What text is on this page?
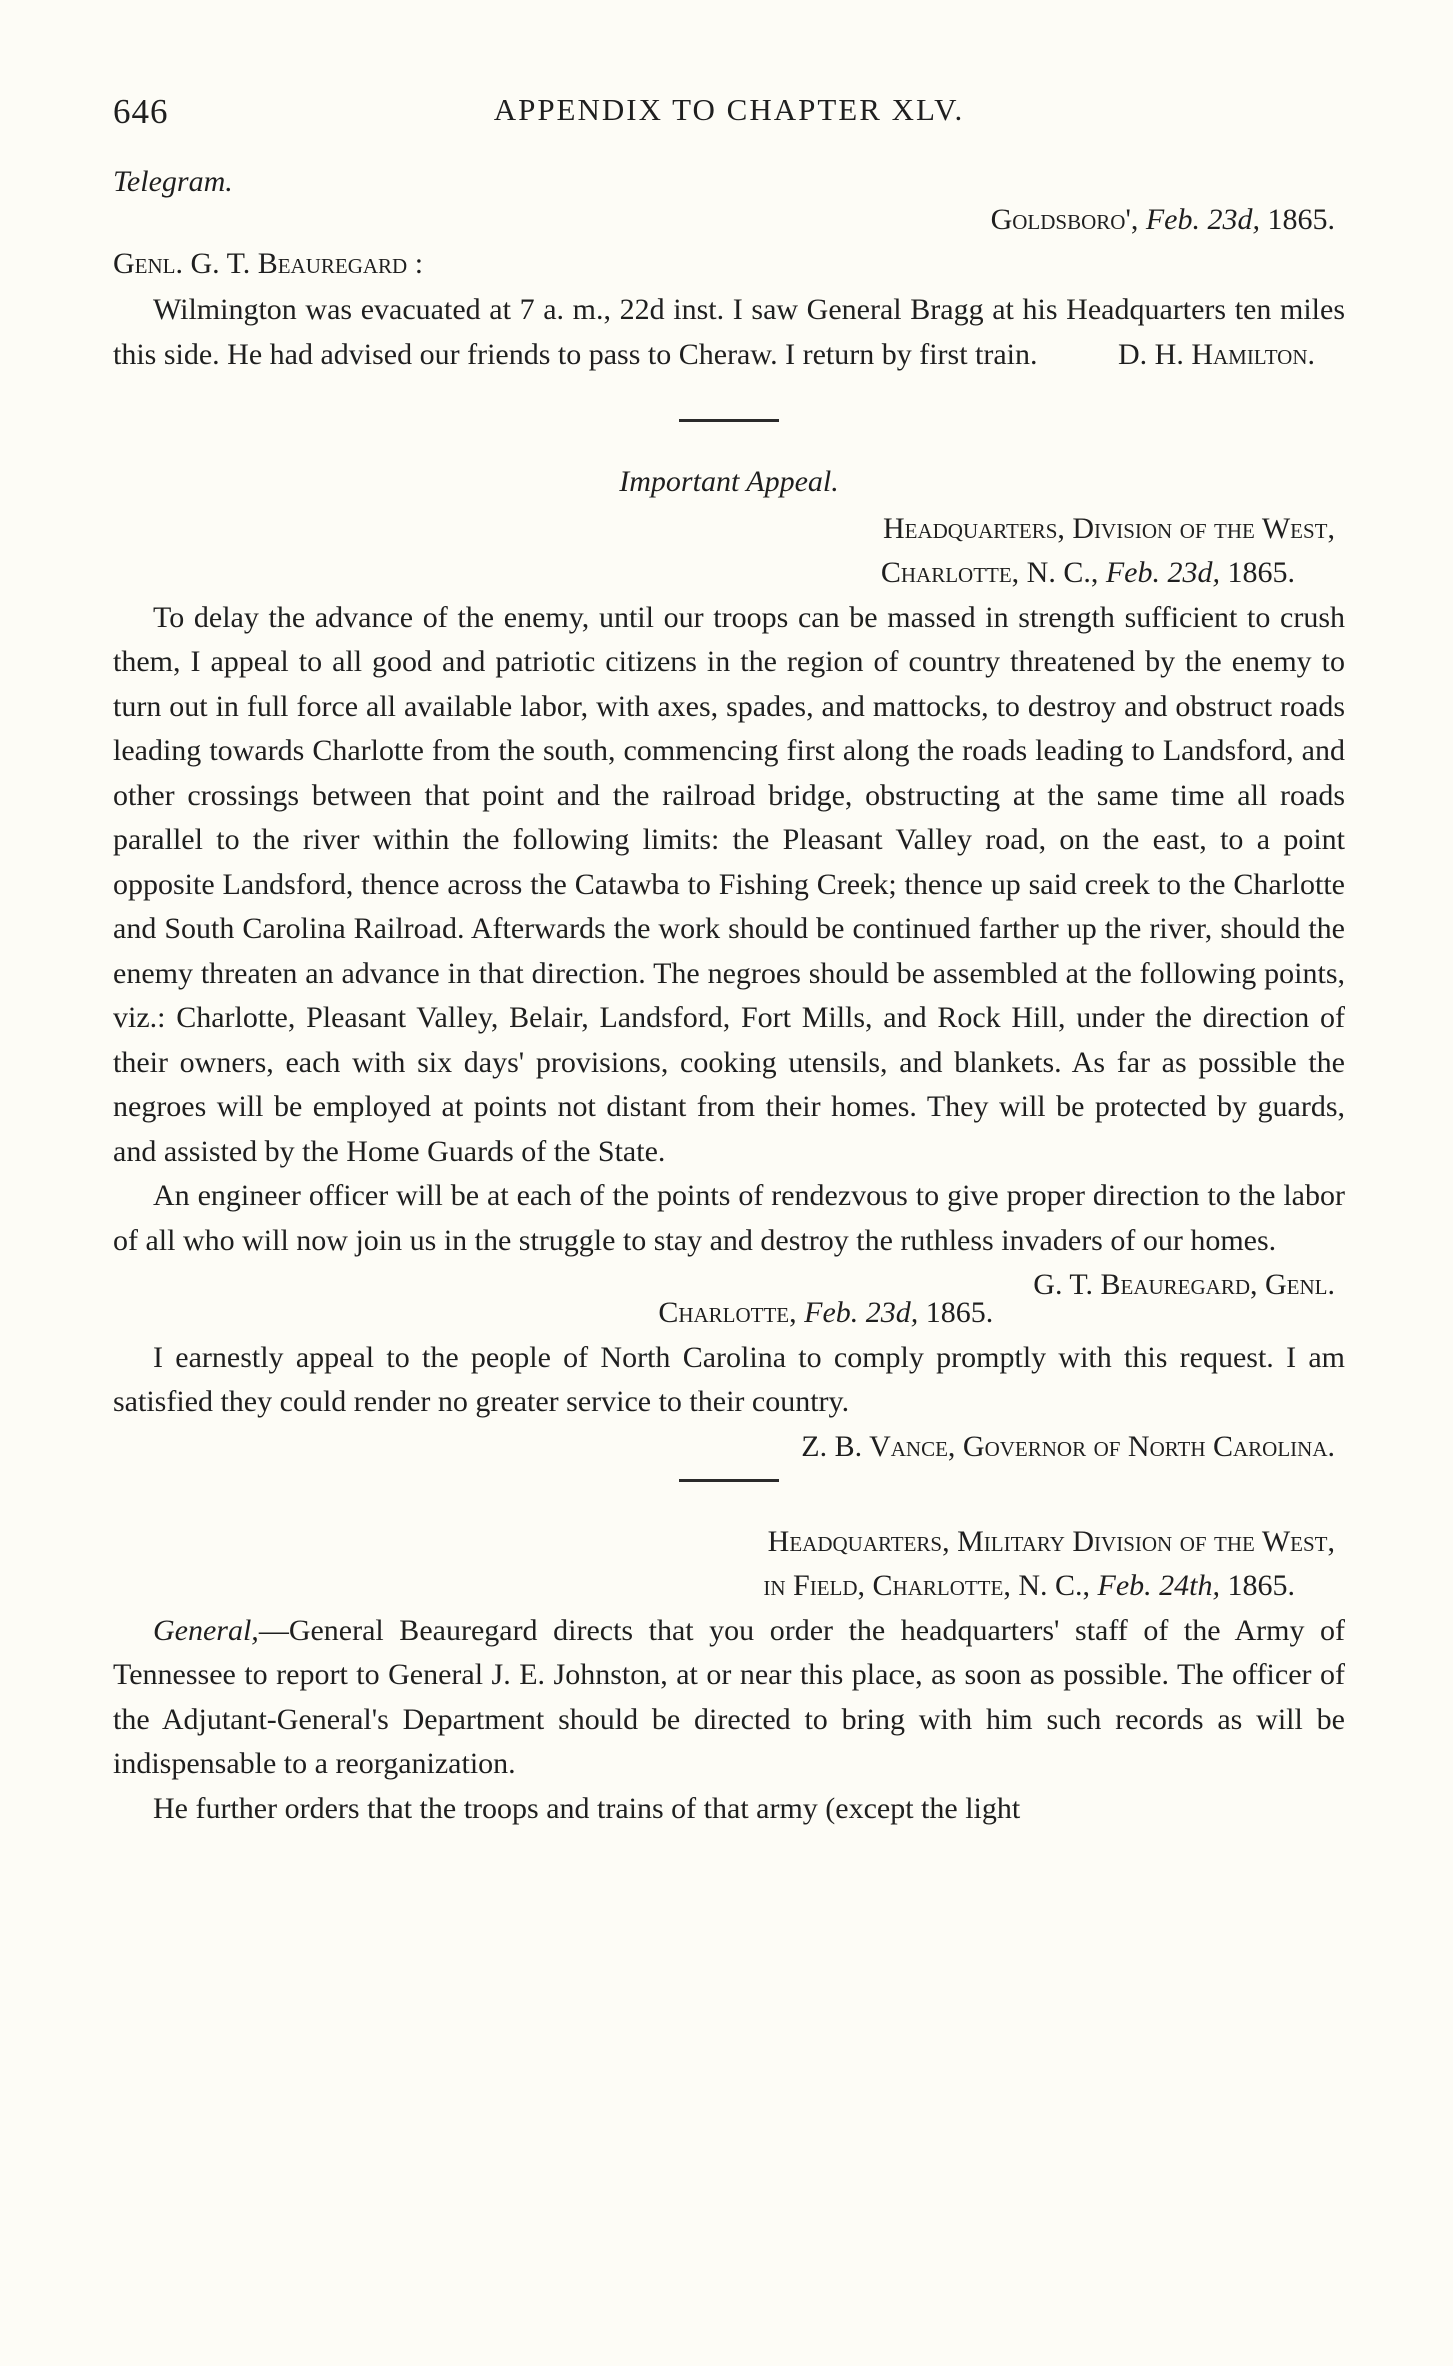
646	APPENDIX TO CHAPTER XLV.
Telegram.
Goldsboro', Feb. 23d, 1865.
Genl. G. T. Beauregard :

Wilmington was evacuated at 7 a. m., 22d inst. I saw General Bragg at his Headquarters ten miles this side. He had advised our friends to pass to Cheraw. I return by first train.	D. H. Hamilton.

Important Appeal.
Headquarters, Division of the West,
Charlotte, N. C., Feb. 23d, 1865.

To delay the advance of the enemy, until our troops can be massed in strength sufficient to crush them, I appeal to all good and patriotic citizens in the region of country threatened by the enemy to turn out in full force all available labor, with axes, spades, and mattocks, to destroy and obstruct roads leading towards Charlotte from the south, commencing first along the roads leading to Landsford, and other crossings between that point and the railroad bridge, obstructing at the same time all roads parallel to the river within the following limits: the Pleasant Valley road, on the east, to a point opposite Landsford, thence across the Catawba to Fishing Creek; thence up said creek to the Charlotte and South Carolina Railroad. Afterwards the work should be continued farther up the river, should the enemy threaten an advance in that direction. The negroes should be assembled at the following points, viz.: Charlotte, Pleasant Valley, Belair, Landsford, Fort Mills, and Rock Hill, under the direction of their owners, each with six days' provisions, cooking utensils, and blankets. As far as possible the negroes will be employed at points not distant from their homes. They will be protected by guards, and assisted by the Home Guards of the State.

An engineer officer will be at each of the points of rendezvous to give proper direction to the labor of all who will now join us in the struggle to stay and destroy the ruthless invaders of our homes.
G. T. Beauregard, Genl.

Charlotte, Feb. 23d, 1865.

I earnestly appeal to the people of North Carolina to comply promptly with this request. I am satisfied they could render no greater service to their country.
Z. B. Vance, Governor of North Carolina.

Headquarters, Military Division of the West,
in Field, Charlotte, N. C., Feb. 24th, 1865.

General,—General Beauregard directs that you order the headquarters' staff of the Army of Tennessee to report to General J. E. Johnston, at or near this place, as soon as possible. The officer of the Adjutant-General's Department should be directed to bring with him such records as will be indispensable to a reorganization.

He further orders that the troops and trains of that army (except the light
